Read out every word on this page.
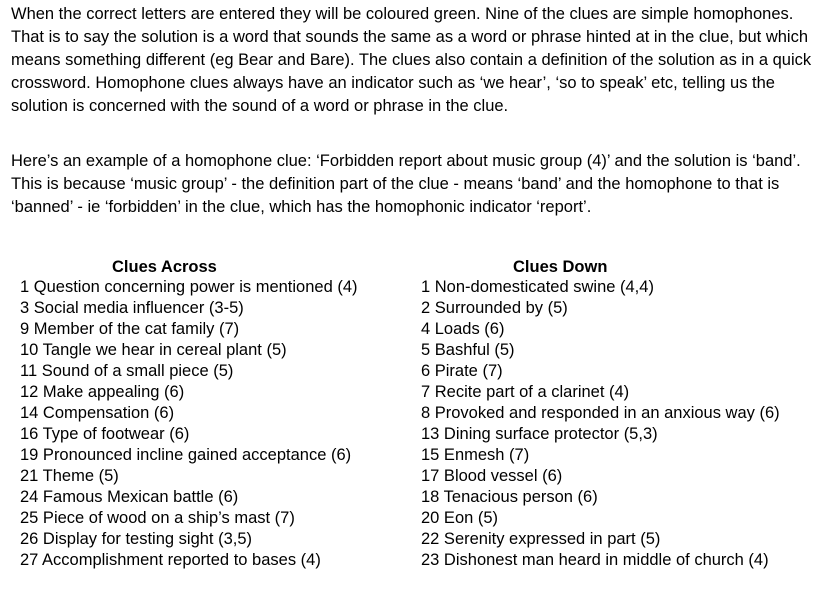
When the correct letters are entered they will be coloured green. Nine of the clues are simple homophones. That is to say the solution is a word that sounds the same as a word or phrase hinted at in the clue, but which means something different (eg Bear and Bare). The clues also contain a definition of the solution as in a quick crossword. Homophone clues always have an indicator such as ‘we hear’, ‘so to speak’ etc, telling us the solution is concerned with the sound of a word or phrase in the clue.

Here’s an example of a homophone clue: ‘Forbidden report about music group (4)’ and the solution is ‘band’. This is because ‘music group’ - the definition part of the clue - means ‘band’ and the homophone to that is ‘banned’ - ie ‘forbidden’ in the clue, which has the homophonic indicator ‘report’.

Clues Across
1 Question concerning power is mentioned (4)
3 Social media influencer (3-5)
9 Member of the cat family (7)
10 Tangle we hear in cereal plant (5)
11 Sound of a small piece (5)
12 Make appealing (6)
14 Compensation (6)
16 Type of footwear (6)
19 Pronounced incline gained acceptance (6)
21 Theme (5)
24 Famous Mexican battle (6)
25 Piece of wood on a ship’s mast (7)
26 Display for testing sight (3,5)
27 Accomplishment reported to bases (4)
Clues Down
1 Non-domesticated swine (4,4)
2 Surrounded by (5)
4 Loads (6)
5 Bashful (5)
6 Pirate (7)
7 Recite part of a clarinet (4)
8 Provoked and responded in an anxious way (6)
13 Dining surface protector (5,3)
15 Enmesh (7)
17 Blood vessel (6)
18 Tenacious person (6)
20 Eon (5)
22 Serenity expressed in part (5)
23 Dishonest man heard in middle of church (4)
